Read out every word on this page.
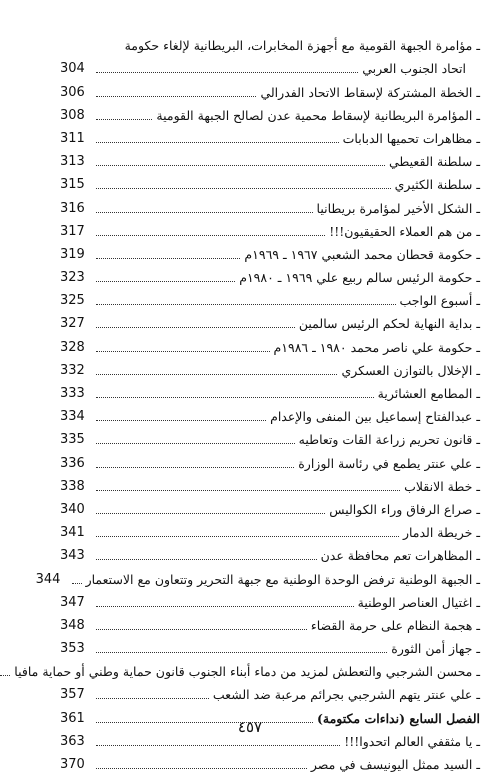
ـ مؤامرة الجبهة القومية مع أجهزة المخابرات، البريطانية لإلغاء حكومة
اتحاد الجنوب العربي
304
ـ الخطة المشتركة لإسقاط الاتحاد الفدرالي
306
ـ المؤامرة البريطانية لإسقاط محمية عدن لصالح الجبهة القومية
308
ـ مظاهرات تحميها الدبابات
311
ـ سلطنة القعيطي
313
ـ سلطنة الكثيري
315
ـ الشكل الأخير لمؤامرة بريطانيا
316
ـ من هم العملاء الحقيقيون!!!
317
ـ حكومة قحطان محمد الشعبي ١٩٦٧ ـ ١٩٦٩م
319
ـ حكومة الرئيس سالم ربيع علي ١٩٦٩ ـ ١٩٨٠م
323
ـ أسبوع الواجب
325
ـ بداية النهاية لحكم الرئيس سالمين
327
ـ حكومة علي ناصر محمد ١٩٨٠ ـ ١٩٨٦م
328
ـ الإخلال بالتوازن العسكري
332
ـ المطامع العشائرية
333
ـ عبدالفتاح إسماعيل بين المنفى والإعدام
334
ـ قانون تحريم زراعة القات وتعاطيه
335
ـ علي عنتر يطمع في رئاسة الوزارة
336
ـ خطة الانقلاب
338
ـ صراع الرفاق وراء الكواليس
340
ـ خريطة الدمار
341
ـ المظاهرات تعم محافظة عدن
343
ـ الجبهة الوطنية ترفض الوحدة الوطنية مع جبهة التحرير وتتعاون مع الاستعمار
344
ـ اغتيال العناصر الوطنية
347
ـ هجمة النظام على حرمة القضاء
348
ـ جهاز أمن الثورة
353
ـ محسن الشرجبي والتعطش لمزيد من دماء أبناء الجنوب قانون حماية وطني أو حماية مافيا
ـ علي عنتر يتهم الشرجبي بجرائم مرعبة ضد الشعب
357
الفصل السابع (نداءات مكتومة)
361
ـ يا مثقفي العالم اتحدوا!!!
363
ـ السيد ممثل اليونيسف في مصر
370
٤٥٧
